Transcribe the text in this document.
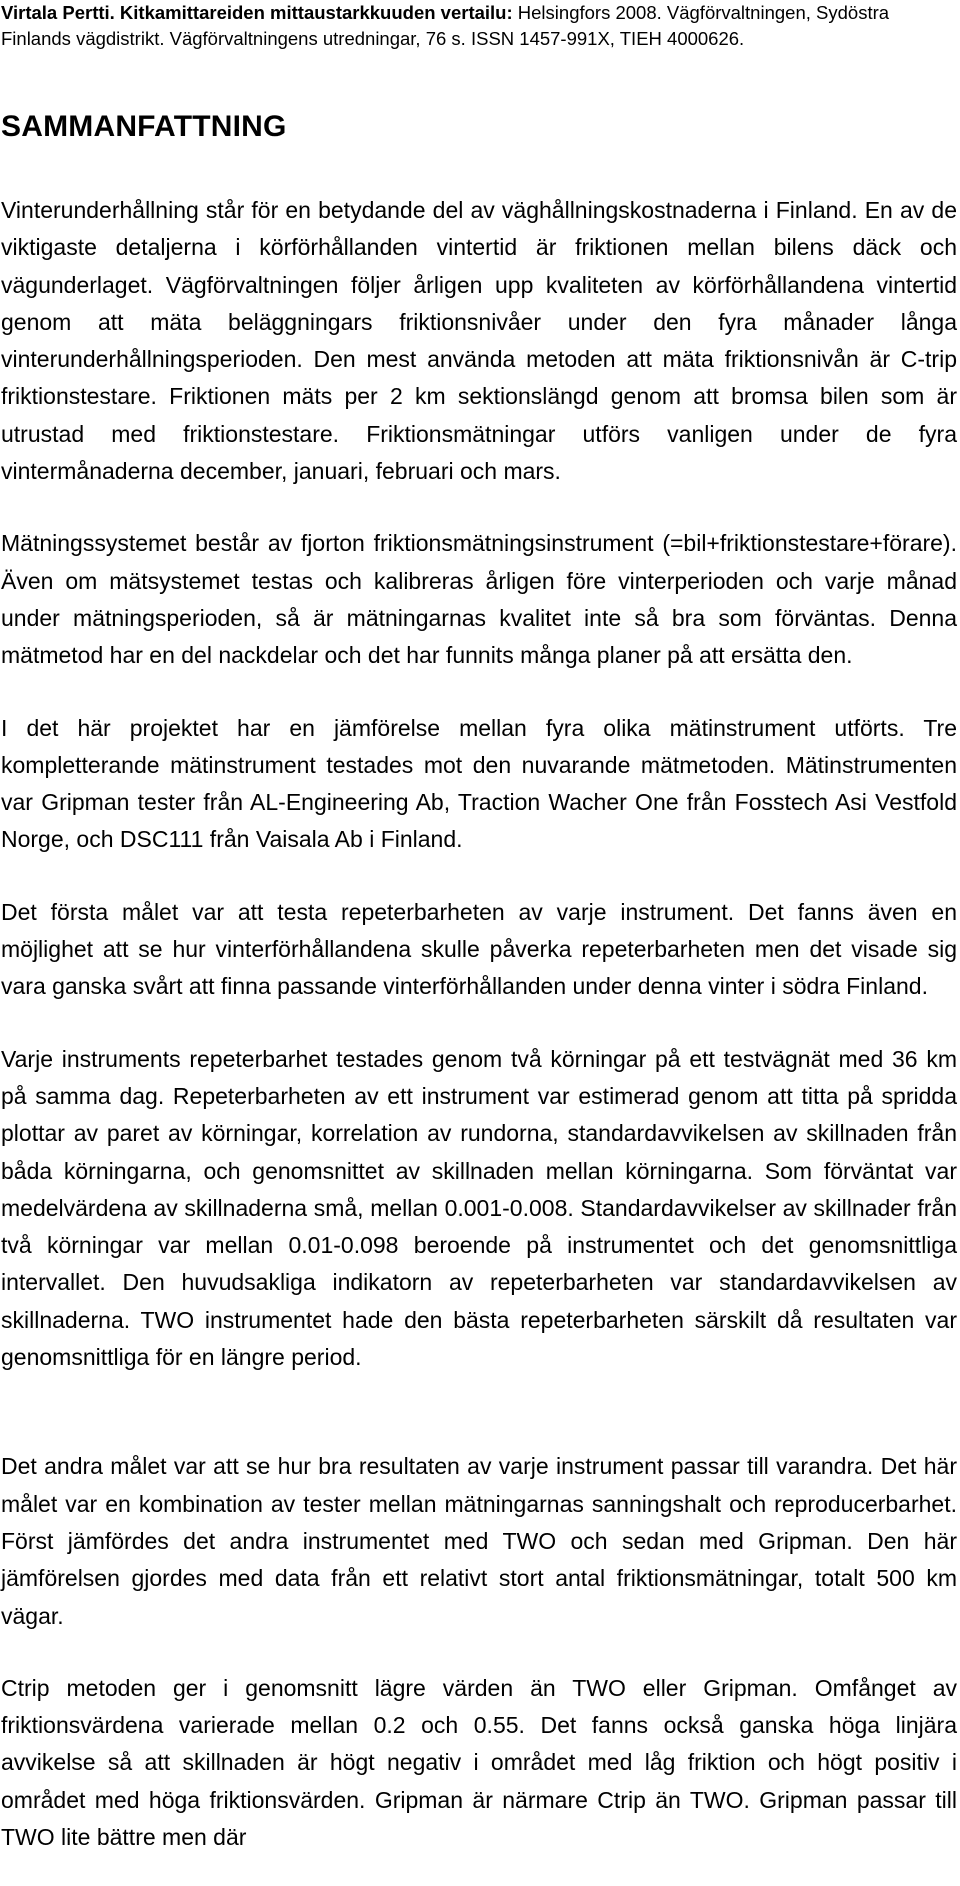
Virtala Pertti. Kitkamittareiden mittaustarkkuuden vertailu: Helsingfors 2008. Vägförvaltningen, Sydöstra Finlands vägdistrikt. Vägförvaltningens utredningar, 76 s. ISSN 1457-991X, TIEH 4000626.

SAMMANFATTNING

Vinterunderhållning står för en betydande del av väghållningskostnaderna i Finland. En av de viktigaste detaljerna i körförhållanden vintertid är friktionen mellan bilens däck och vägunderlaget. Vägförvaltningen följer årligen upp kvaliteten av körförhållandena vintertid genom att mäta beläggningars friktionsnivåer under den fyra månader långa vinterunderhållningsperioden. Den mest använda metoden att mäta friktionsnivån är C-trip friktionstestare. Friktionen mäts per 2 km sektionslängd genom att bromsa bilen som är utrustad med friktionstestare. Friktionsmätningar utförs vanligen under de fyra vintermånaderna december, januari, februari och mars.

Mätningssystemet består av fjorton friktionsmätningsinstrument (=bil+friktionstestare+förare). Även om mätsystemet testas och kalibreras årligen före vinterperioden och varje månad under mätningsperioden, så är mätningarnas kvalitet inte så bra som förväntas. Denna mätmetod har en del nackdelar och det har funnits många planer på att ersätta den.

I det här projektet har en jämförelse mellan fyra olika mätinstrument utförts. Tre kompletterande mätinstrument testades mot den nuvarande mätmetoden. Mätinstrumenten var Gripman tester från AL-Engineering Ab, Traction Wacher One från Fosstech Asi Vestfold Norge, och DSC111 från Vaisala Ab i Finland.

Det första målet var att testa repeterbarheten av varje instrument. Det fanns även en möjlighet att se hur vinterförhållandena skulle påverka repeterbarheten men det visade sig vara ganska svårt att finna passande vinterförhållanden under denna vinter i södra Finland.

Varje instruments repeterbarhet testades genom två körningar på ett testvägnät med 36 km på samma dag. Repeterbarheten av ett instrument var estimerad genom att titta på spridda plottar av paret av körningar, korrelation av rundorna, standardavvikelsen av skillnaden från båda körningarna, och genomsnittet av skillnaden mellan körningarna. Som förväntat var medelvärdena av skillnaderna små, mellan 0.001-0.008. Standardavvikelser av skillnader från två körningar var mellan 0.01-0.098 beroende på instrumentet och det genomsnittliga intervallet. Den huvudsakliga indikatorn av repeterbarheten var standardavvikelsen av skillnaderna. TWO instrumentet hade den bästa repeterbarheten särskilt då resultaten var genomsnittliga för en längre period.

Det andra målet var att se hur bra resultaten av varje instrument passar till varandra. Det här målet var en kombination av tester mellan mätningarnas sanningshalt och reproducerbarhet. Först jämfördes det andra instrumentet med TWO och sedan med Gripman. Den här jämförelsen gjordes med data från ett relativt stort antal friktionsmätningar, totalt 500 km vägar.

Ctrip metoden ger i genomsnitt lägre värden än TWO eller Gripman. Omfånget av friktionsvärdena varierade mellan 0.2 och 0.55. Det fanns också ganska höga linjära avvikelse så att skillnaden är högt negativ i området med låg friktion och högt positiv i området med höga friktionsvärden. Gripman är närmare Ctrip än TWO. Gripman passar till TWO lite bättre men där
